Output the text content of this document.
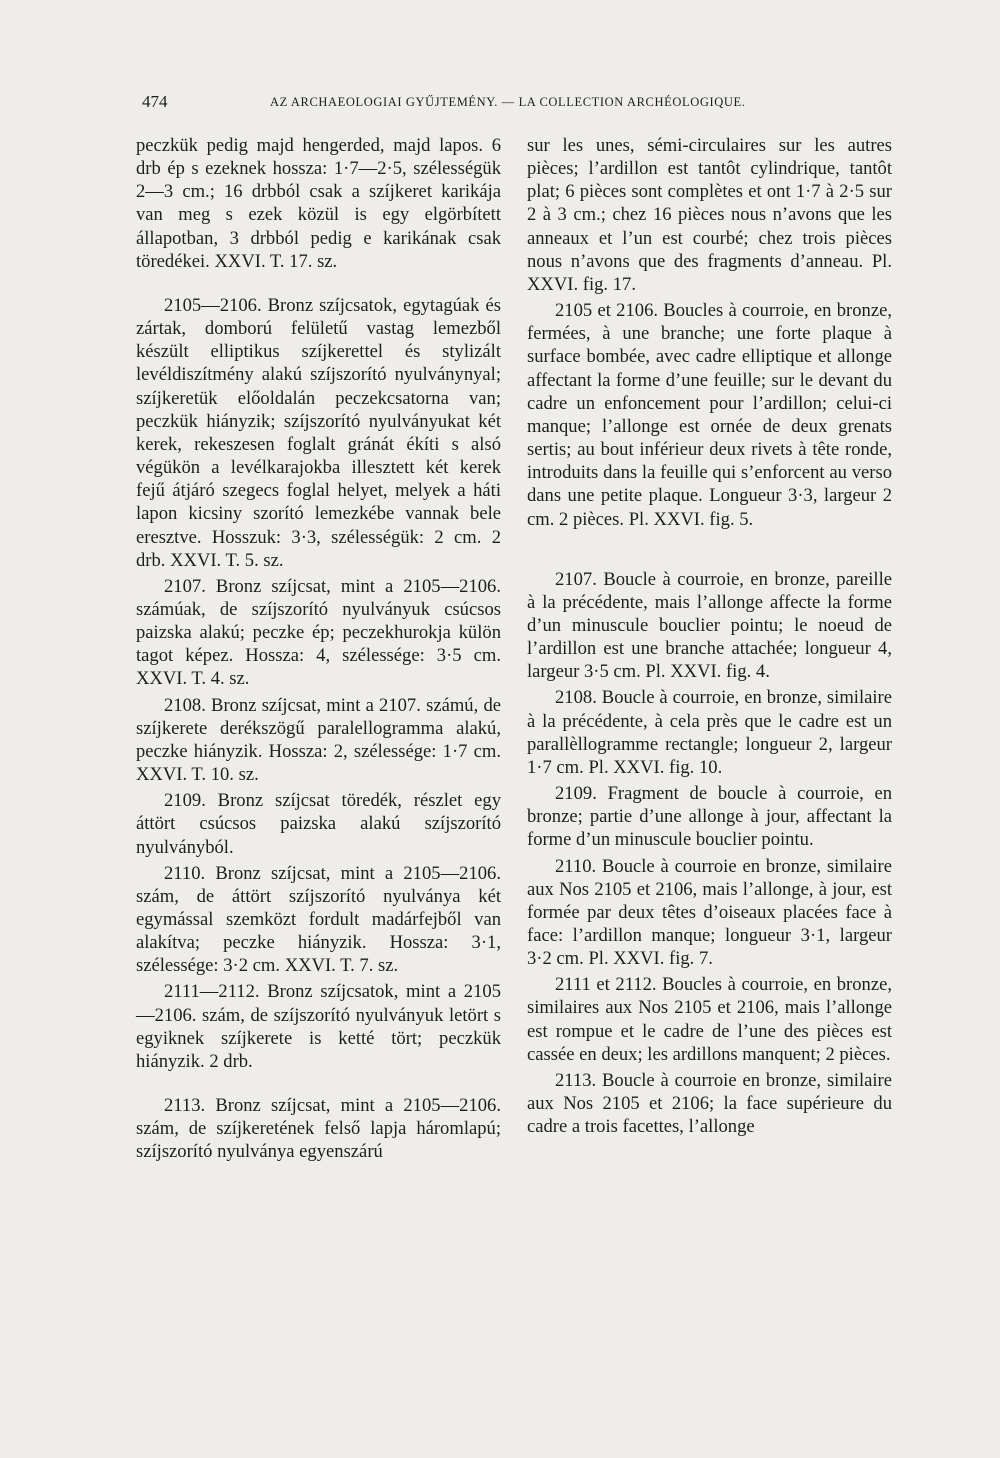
474	AZ ARCHAEOLOGIAI GYŰJTEMÉNY. — LA COLLECTION ARCHÉOLOGIQUE.

peczkük pedig majd hengerded, majd lapos. 6 drb ép s ezeknek hossza: 1·7—2·5, szélességük 2—3 cm.; 16 drbból csak a szíjkeret karikája van meg s ezek közül is egy elgörbített állapotban, 3 drbból pedig e karikának csak töredékei. XXVI. T. 17. sz.

2105—2106. Bronz szíjcsatok, egytagúak és zártak, domború felületű vastag lemezből készült elliptikus szíjkerettel és stylizált levéldiszítmény alakú szíjszorító nyulványnyal; szíjkeretük előoldalán peczekcsatorna van; peczkük hiányzik; szíjszorító nyulványukat két kerek, rekeszesen foglalt gránát ékíti s alsó végükön a levélkarajokba illesztett két kerek fejű átjáró szegecs foglal helyet, melyek a háti lapon kicsiny szorító lemezkébe vannak bele eresztve. Hosszuk: 3·3, szélességük: 2 cm. 2 drb. XXVI. T. 5. sz.

2107. Bronz szíjcsat, mint a 2105—2106. számúak, de szíjszorító nyulványuk csúcsos paizska alakú; peczke ép; peczekhurokja külön tagot képez. Hossza: 4, szélessége: 3·5 cm. XXVI. T. 4. sz.

2108. Bronz szíjcsat, mint a 2107. számú, de szíjkerete derékszögű paralellogramma alakú, peczke hiányzik. Hossza: 2, szélessége: 1·7 cm. XXVI. T. 10. sz.

2109. Bronz szíjcsat töredék, részlet egy áttört csúcsos paizska alakú szíjszorító nyulványból.

2110. Bronz szíjcsat, mint a 2105—2106. szám, de áttört szíjszorító nyulványa két egymással szemközt fordult madárfejből van alakítva; peczke hiányzik. Hossza: 3·1, szélessége: 3·2 cm. XXVI. T. 7. sz.

2111—2112. Bronz szíjcsatok, mint a 2105—2106. szám, de szíjszorító nyulványuk letört s egyiknek szíjkerete is ketté tört; peczkük hiányzik. 2 drb.

2113. Bronz szíjcsat, mint a 2105—2106. szám, de szíjkeretének felső lapja háromlapú; szíjszorító nyulványa egyenszárú

sur les unes, sémi-circulaires sur les autres pièces; l’ardillon est tantôt cylindrique, tantôt plat; 6 pièces sont complètes et ont 1·7 à 2·5 sur 2 à 3 cm.; chez 16 pièces nous n’avons que les anneaux et l’un est courbé; chez trois pièces nous n’avons que des fragments d’anneau. Pl. XXVI. fig. 17.

2105 et 2106. Boucles à courroie, en bronze, fermées, à une branche; une forte plaque à surface bombée, avec cadre elliptique et allonge affectant la forme d’une feuille; sur le devant du cadre un enfoncement pour l’ardillon; celui-ci manque; l’allonge est ornée de deux grenats sertis; au bout inférieur deux rivets à tête ronde, introduits dans la feuille qui s’enforcent au verso dans une petite plaque. Longueur 3·3, largeur 2 cm. 2 pièces. Pl. XXVI. fig. 5.

2107. Boucle à courroie, en bronze, pareille à la précédente, mais l’allonge affecte la forme d’un minuscule bouclier pointu; le noeud de l’ardillon est une branche attachée; longueur 4, largeur 3·5 cm. Pl. XXVI. fig. 4.

2108. Boucle à courroie, en bronze, similaire à la précédente, à cela près que le cadre est un parallèllogramme rectangle; longueur 2, largeur 1·7 cm. Pl. XXVI. fig. 10.

2109. Fragment de boucle à courroie, en bronze; partie d’une allonge à jour, affectant la forme d’un minuscule bouclier pointu.

2110. Boucle à courroie en bronze, similaire aux Nos 2105 et 2106, mais l’allonge, à jour, est formée par deux têtes d’oiseaux placées face à face: l’ardillon manque; longueur 3·1, largeur 3·2 cm. Pl. XXVI. fig. 7.

2111 et 2112. Boucles à courroie, en bronze, similaires aux Nos 2105 et 2106, mais l’allonge est rompue et le cadre de l’une des pièces est cassée en deux; les ardillons manquent; 2 pièces.

2113. Boucle à courroie en bronze, similaire aux Nos 2105 et 2106; la face supérieure du cadre a trois facettes, l’allonge
